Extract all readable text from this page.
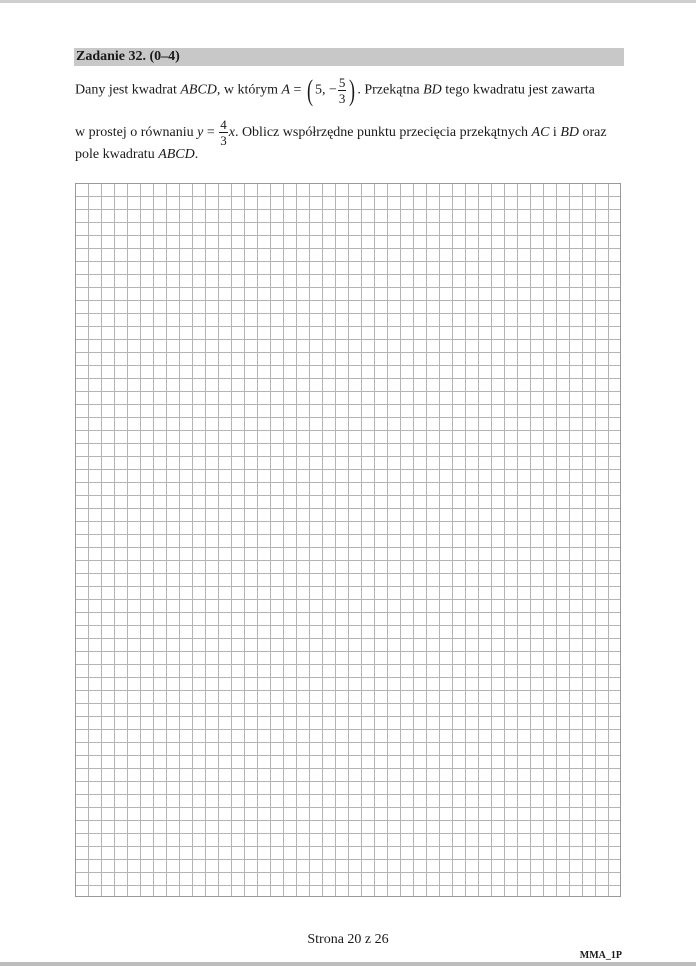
Zadanie 32. (0–4)
Dany jest kwadrat ABCD, w którym A = ( 5, − $\frac{5}{3}$ ) . Przekątna BD tego kwadratu jest zawarta
w prostej o równaniu $y = \frac{4}{3} x$. Oblicz współrzędne punktu przecięcia przekątnych AC i BD oraz
pole kwadratu ABCD.
Strona 20 z 26
MMA_1P
